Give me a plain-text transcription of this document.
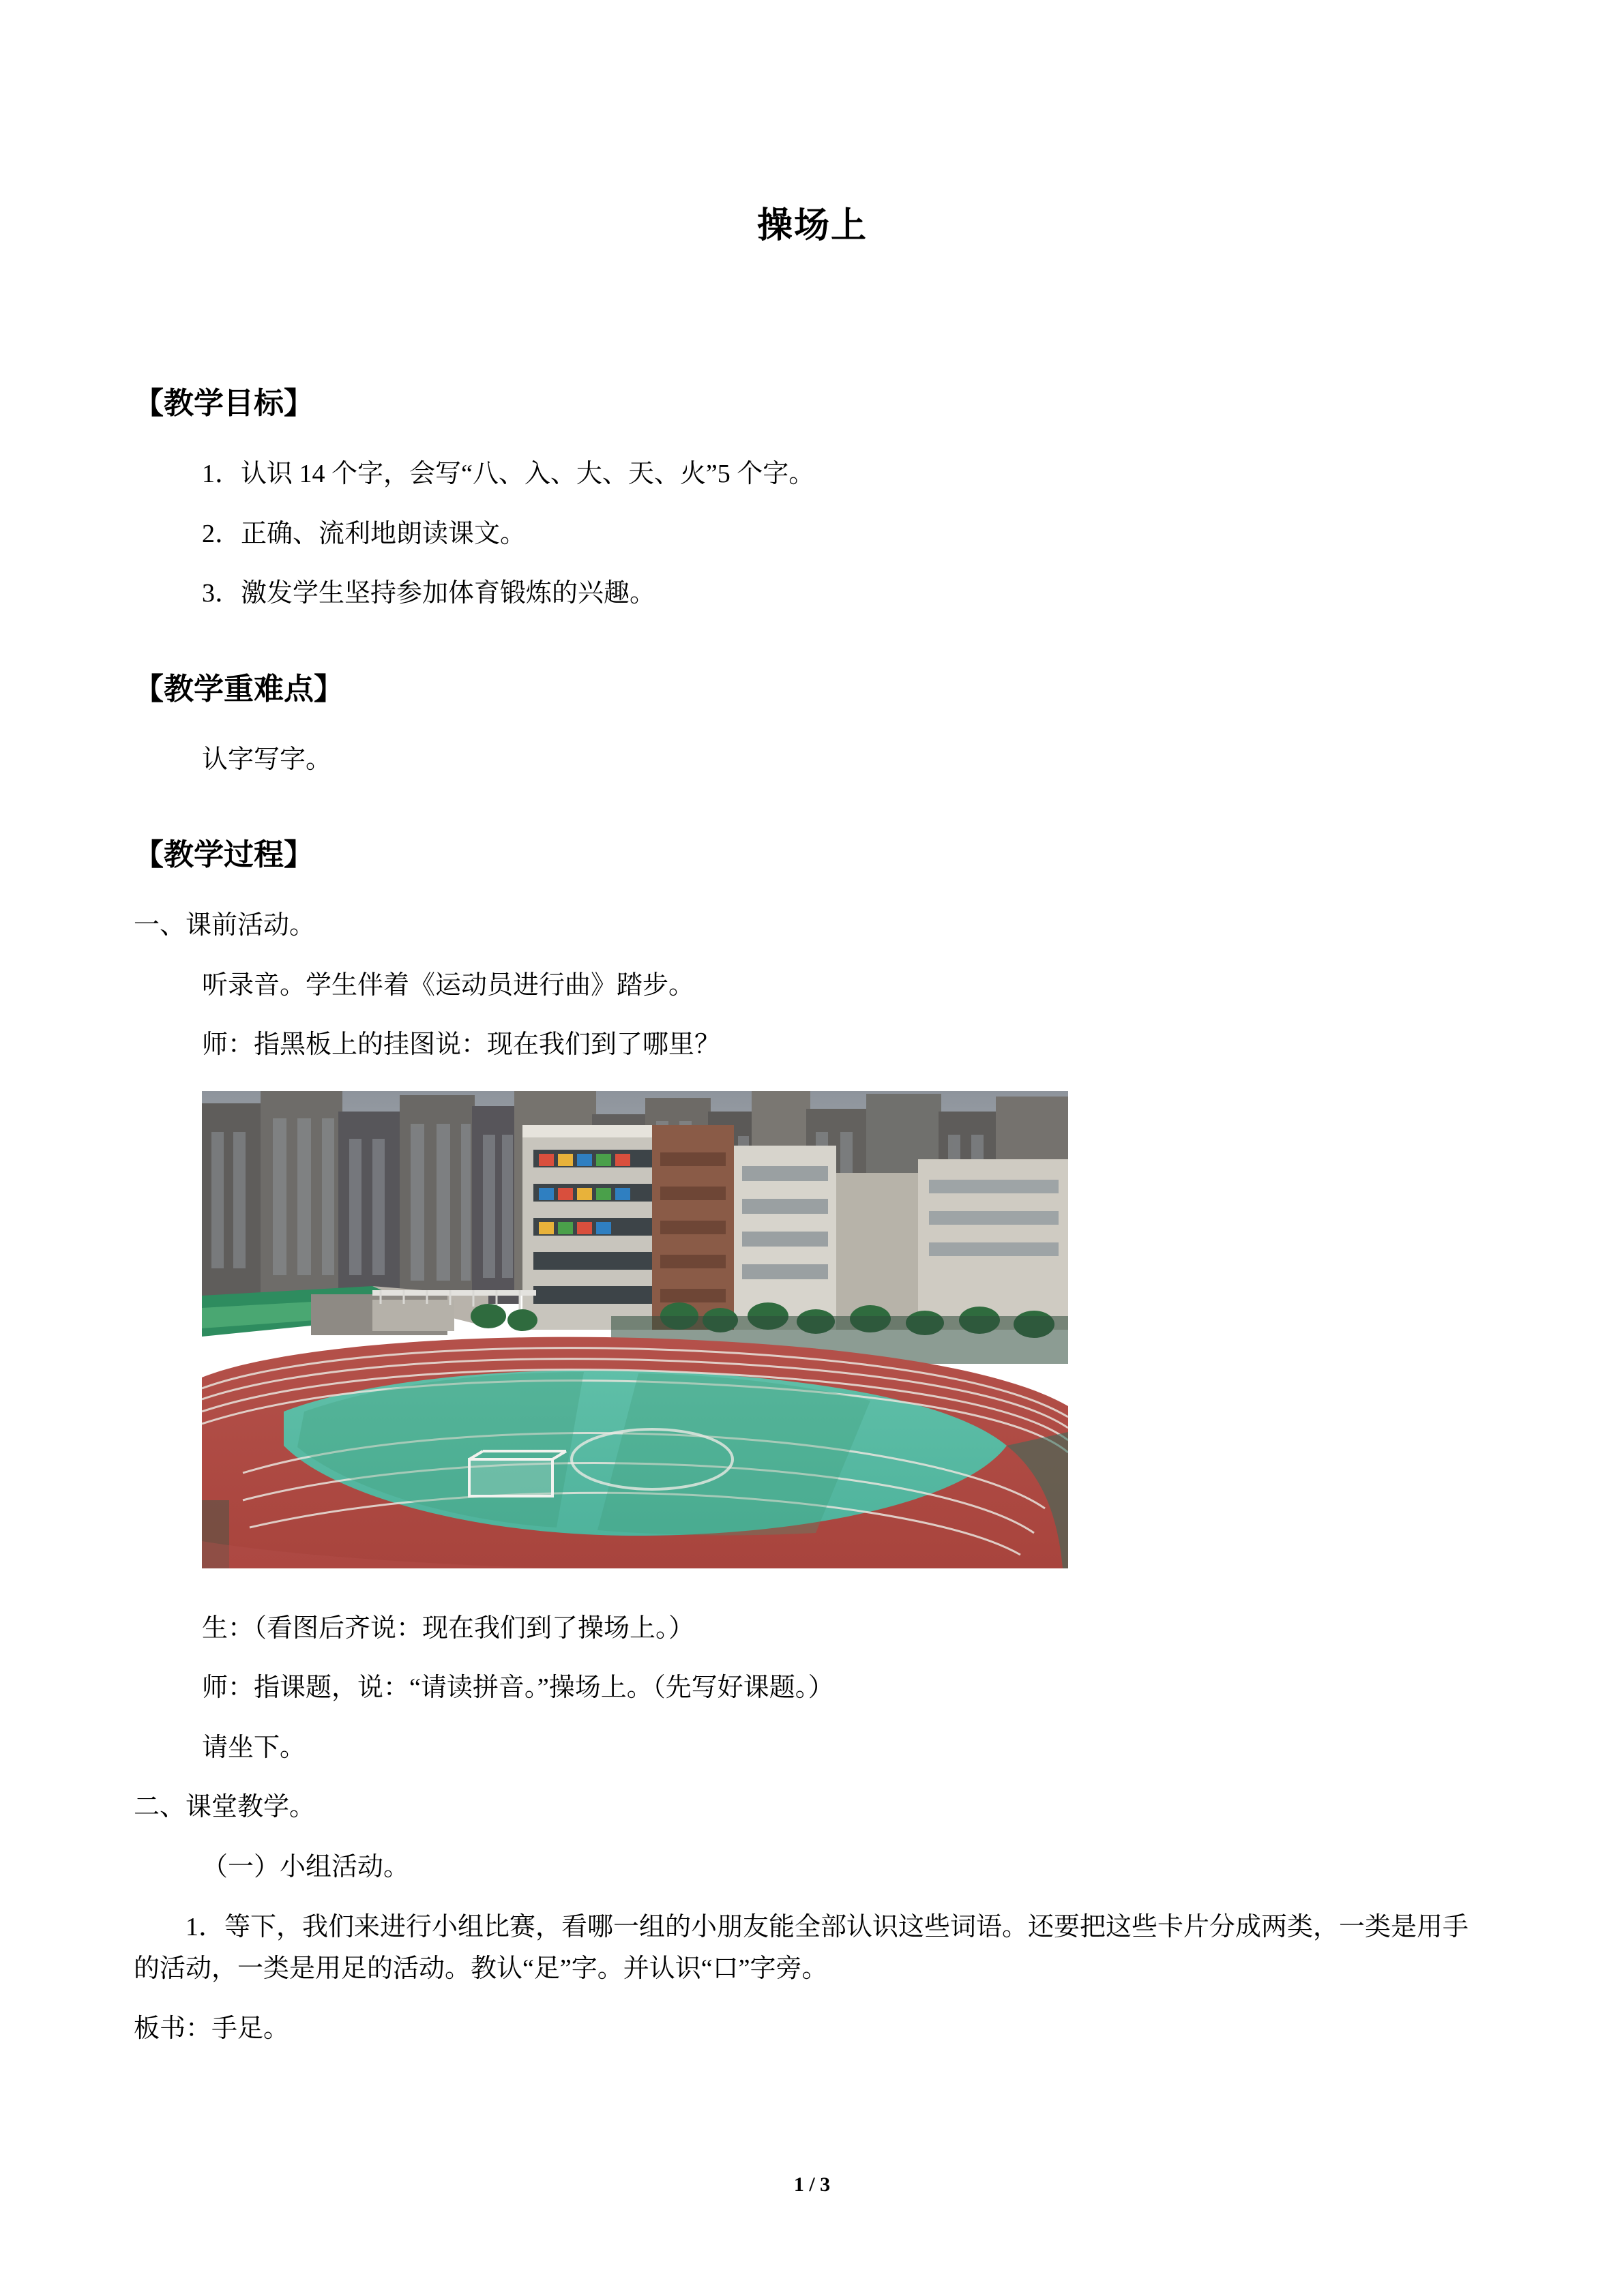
操场上
【教学目标】
1．认识 14 个字，会写“八、入、大、天、火”5 个字。
2．正确、流利地朗读课文。
3．激发学生坚持参加体育锻炼的兴趣。
【教学重难点】
认字写字。
【教学过程】
一、课前活动。
听录音。学生伴着《运动员进行曲》踏步。
师：指黑板上的挂图说：现在我们到了哪里？
生：（看图后齐说：现在我们到了操场上。）
师：指课题，说：“请读拼音。”操场上。（先写好课题。）
请坐下。
二、课堂教学。
（一）小组活动。
1．等下，我们来进行小组比赛，看哪一组的小朋友能全部认识这些词语。还要把这些卡片分成两类，一类是用手的活动，一类是用足的活动。教认“足”字。并认识“口”字旁。
板书：手足。
1 / 3
